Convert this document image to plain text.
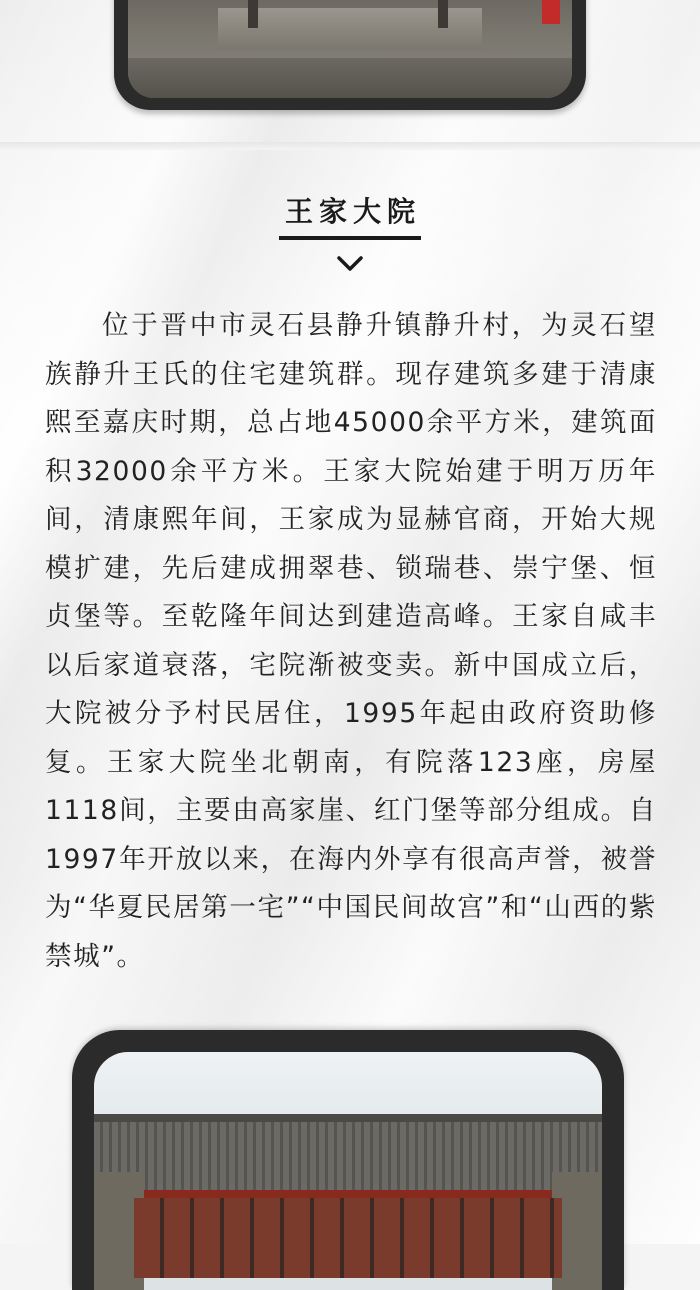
王家大院

位于晋中市灵石县静升镇静升村，为灵石望族静升王氏的住宅建筑群。现存建筑多建于清康熙至嘉庆时期，总占地45000余平方米，建筑面积32000余平方米。王家大院始建于明万历年间，清康熙年间，王家成为显赫官商，开始大规模扩建，先后建成拥翠巷、锁瑞巷、崇宁堡、恒贞堡等。至乾隆年间达到建造高峰。王家自咸丰以后家道衰落，宅院渐被变卖。新中国成立后，大院被分予村民居住，1995年起由政府资助修复。王家大院坐北朝南，有院落123座，房屋1118间，主要由高家崖、红门堡等部分组成。自1997年开放以来，在海内外享有很高声誉，被誉为“华夏民居第一宅”“中国民间故宫”和“山西的紫禁城”。
